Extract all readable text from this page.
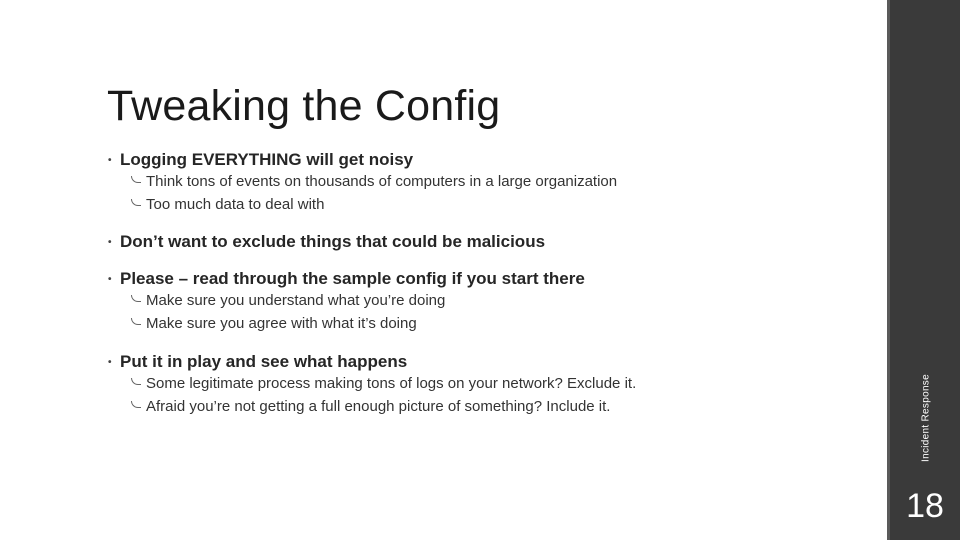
Tweaking the Config
• Logging EVERYTHING will get noisy
Think tons of events on thousands of computers in a large organization
Too much data to deal with
• Don’t want to exclude things that could be malicious
• Please – read through the sample config if you start there
Make sure you understand what you’re doing
Make sure you agree with what it’s doing
• Put it in play and see what happens
Some legitimate process making tons of logs on your network? Exclude it.
Afraid you’re not getting a full enough picture of something? Include it.	Incident Response
18
